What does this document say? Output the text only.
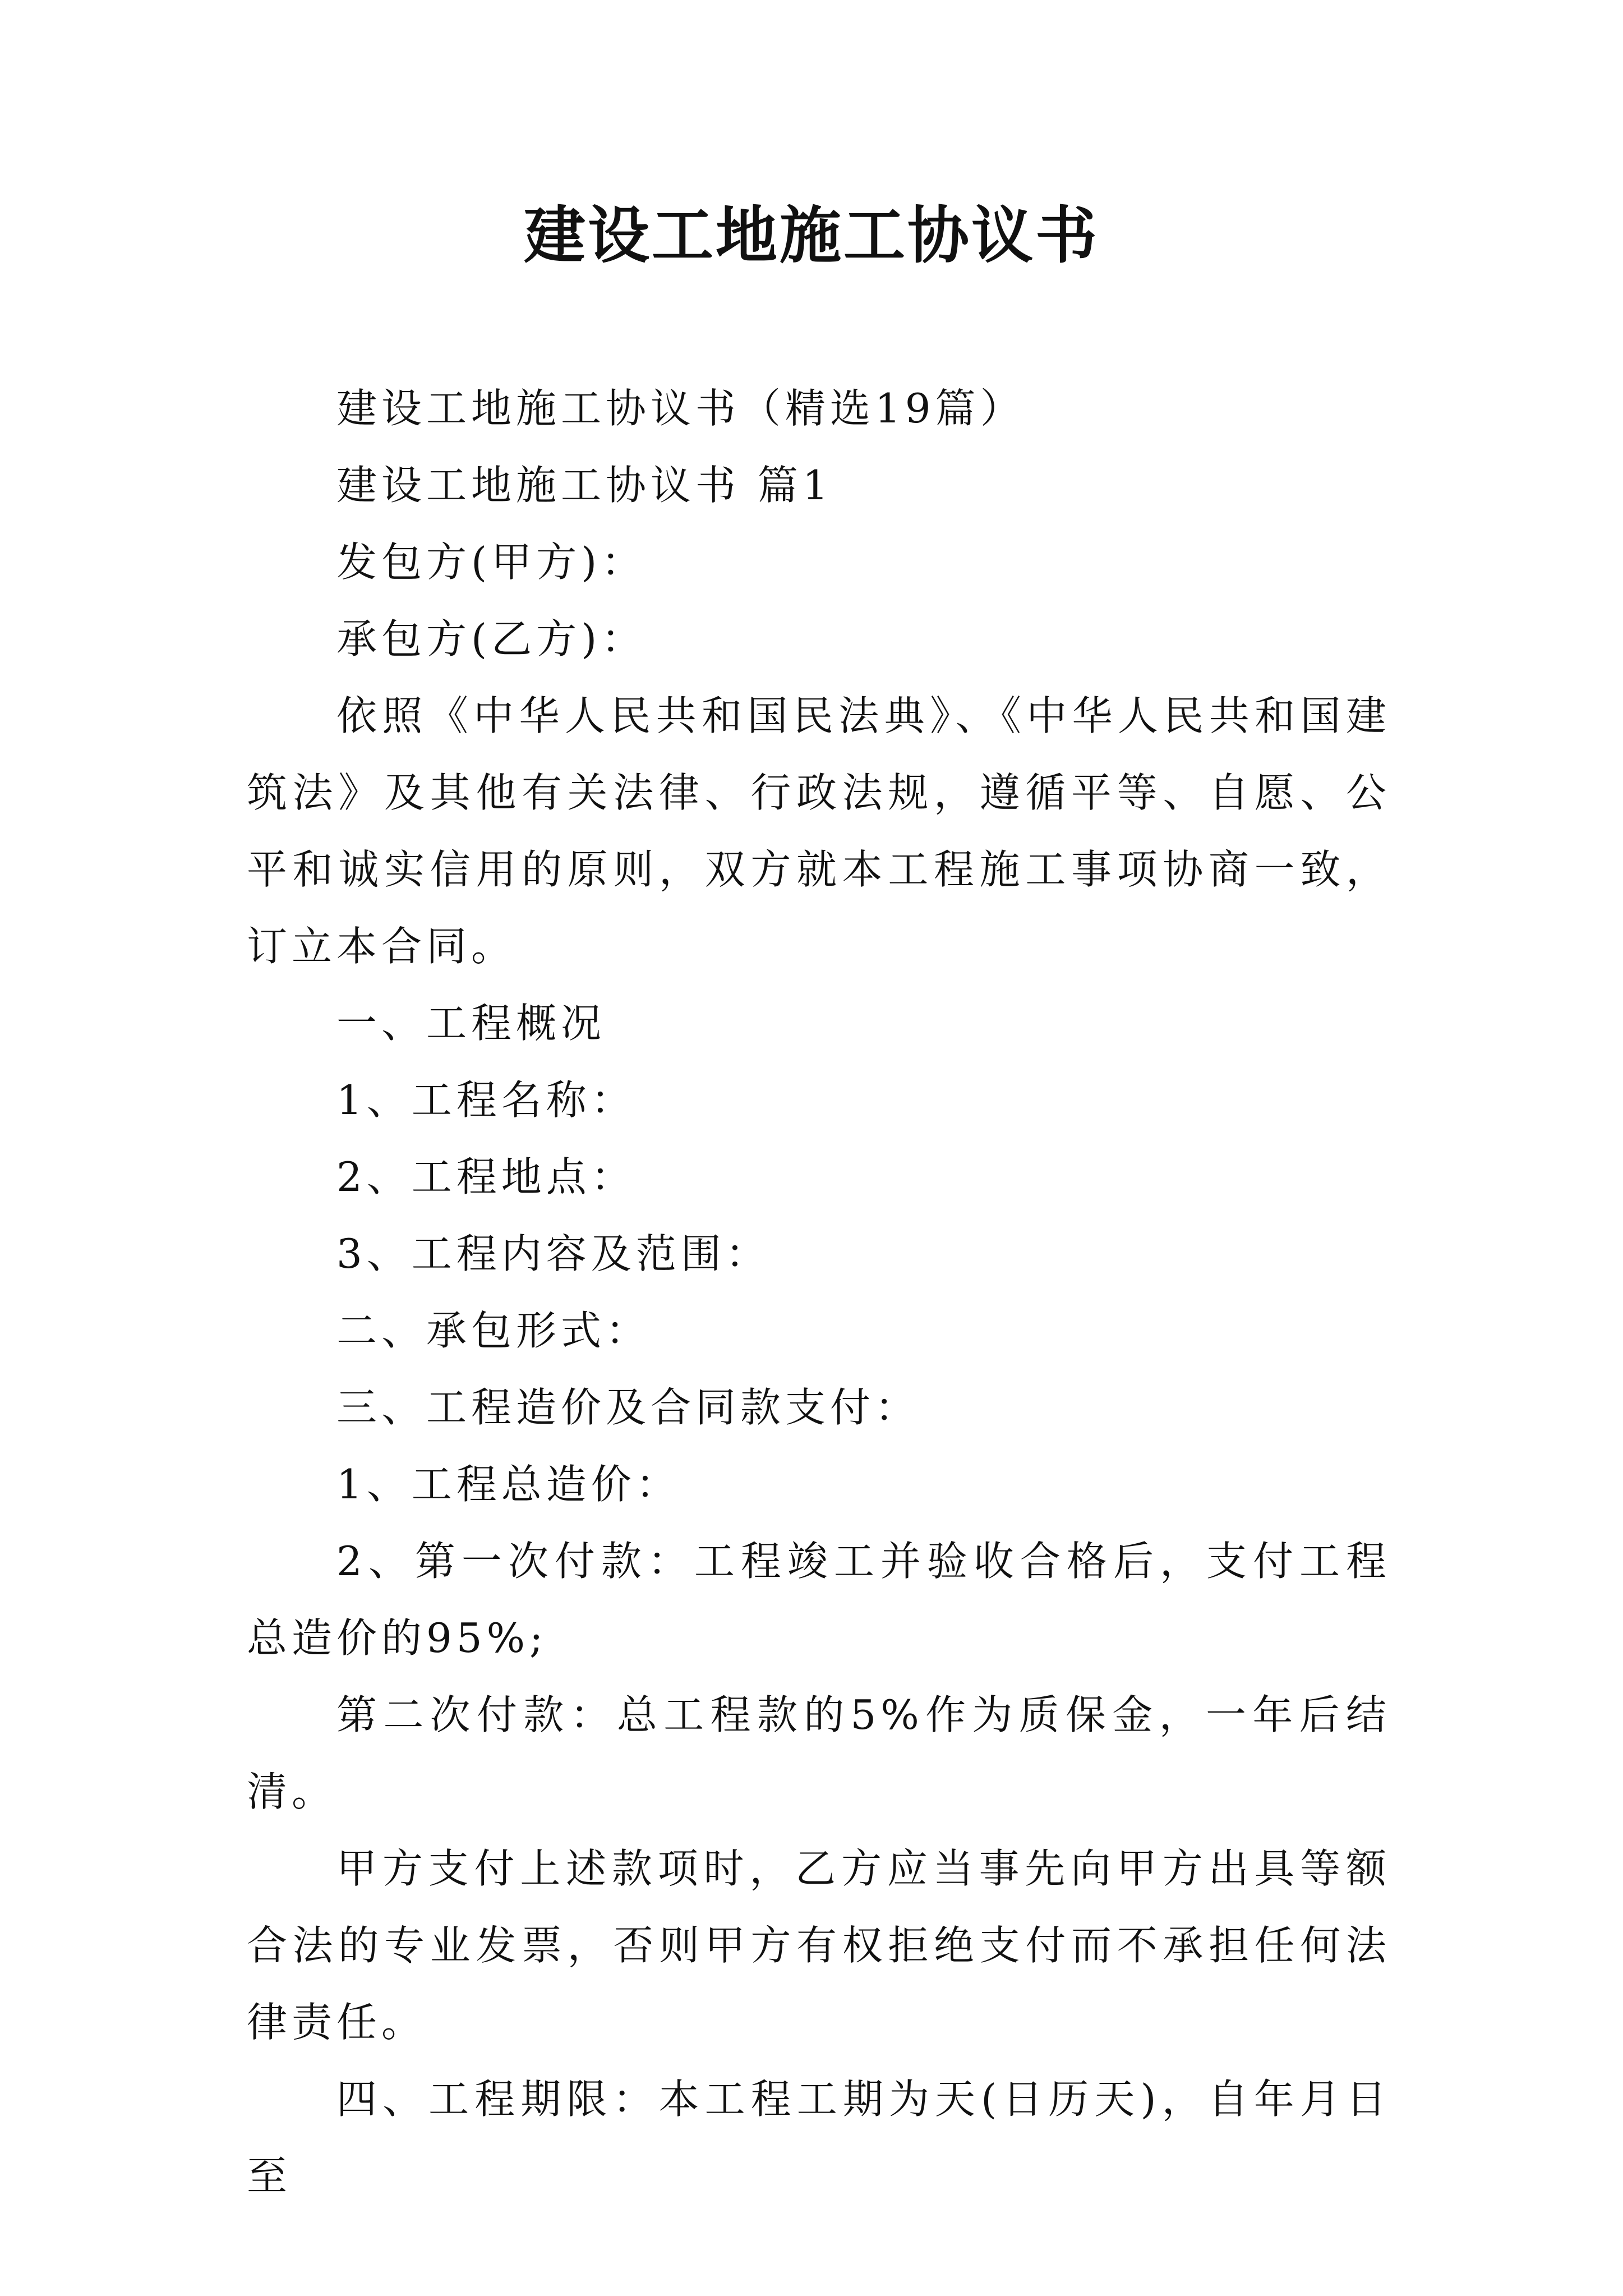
建设工地施工协议书

建设工地施工协议书（精选19篇）

建设工地施工协议书 篇1

发包方(甲方)：

承包方(乙方)：

依照《中华人民共和国民法典》、《中华人民共和国建筑法》及其他有关法律、行政法规，遵循平等、自愿、公平和诚实信用的原则，双方就本工程施工事项协商一致，订立本合同。

一、工程概况

1、工程名称：

2、工程地点：

3、工程内容及范围：

二、承包形式：

三、工程造价及合同款支付：

1、工程总造价：

2、第一次付款：工程竣工并验收合格后，支付工程总造价的95%;

第二次付款：总工程款的5%作为质保金，一年后结清。

甲方支付上述款项时，乙方应当事先向甲方出具等额合法的专业发票，否则甲方有权拒绝支付而不承担任何法律责任。

四、工程期限：本工程工期为天(日历天)，自年月日至
